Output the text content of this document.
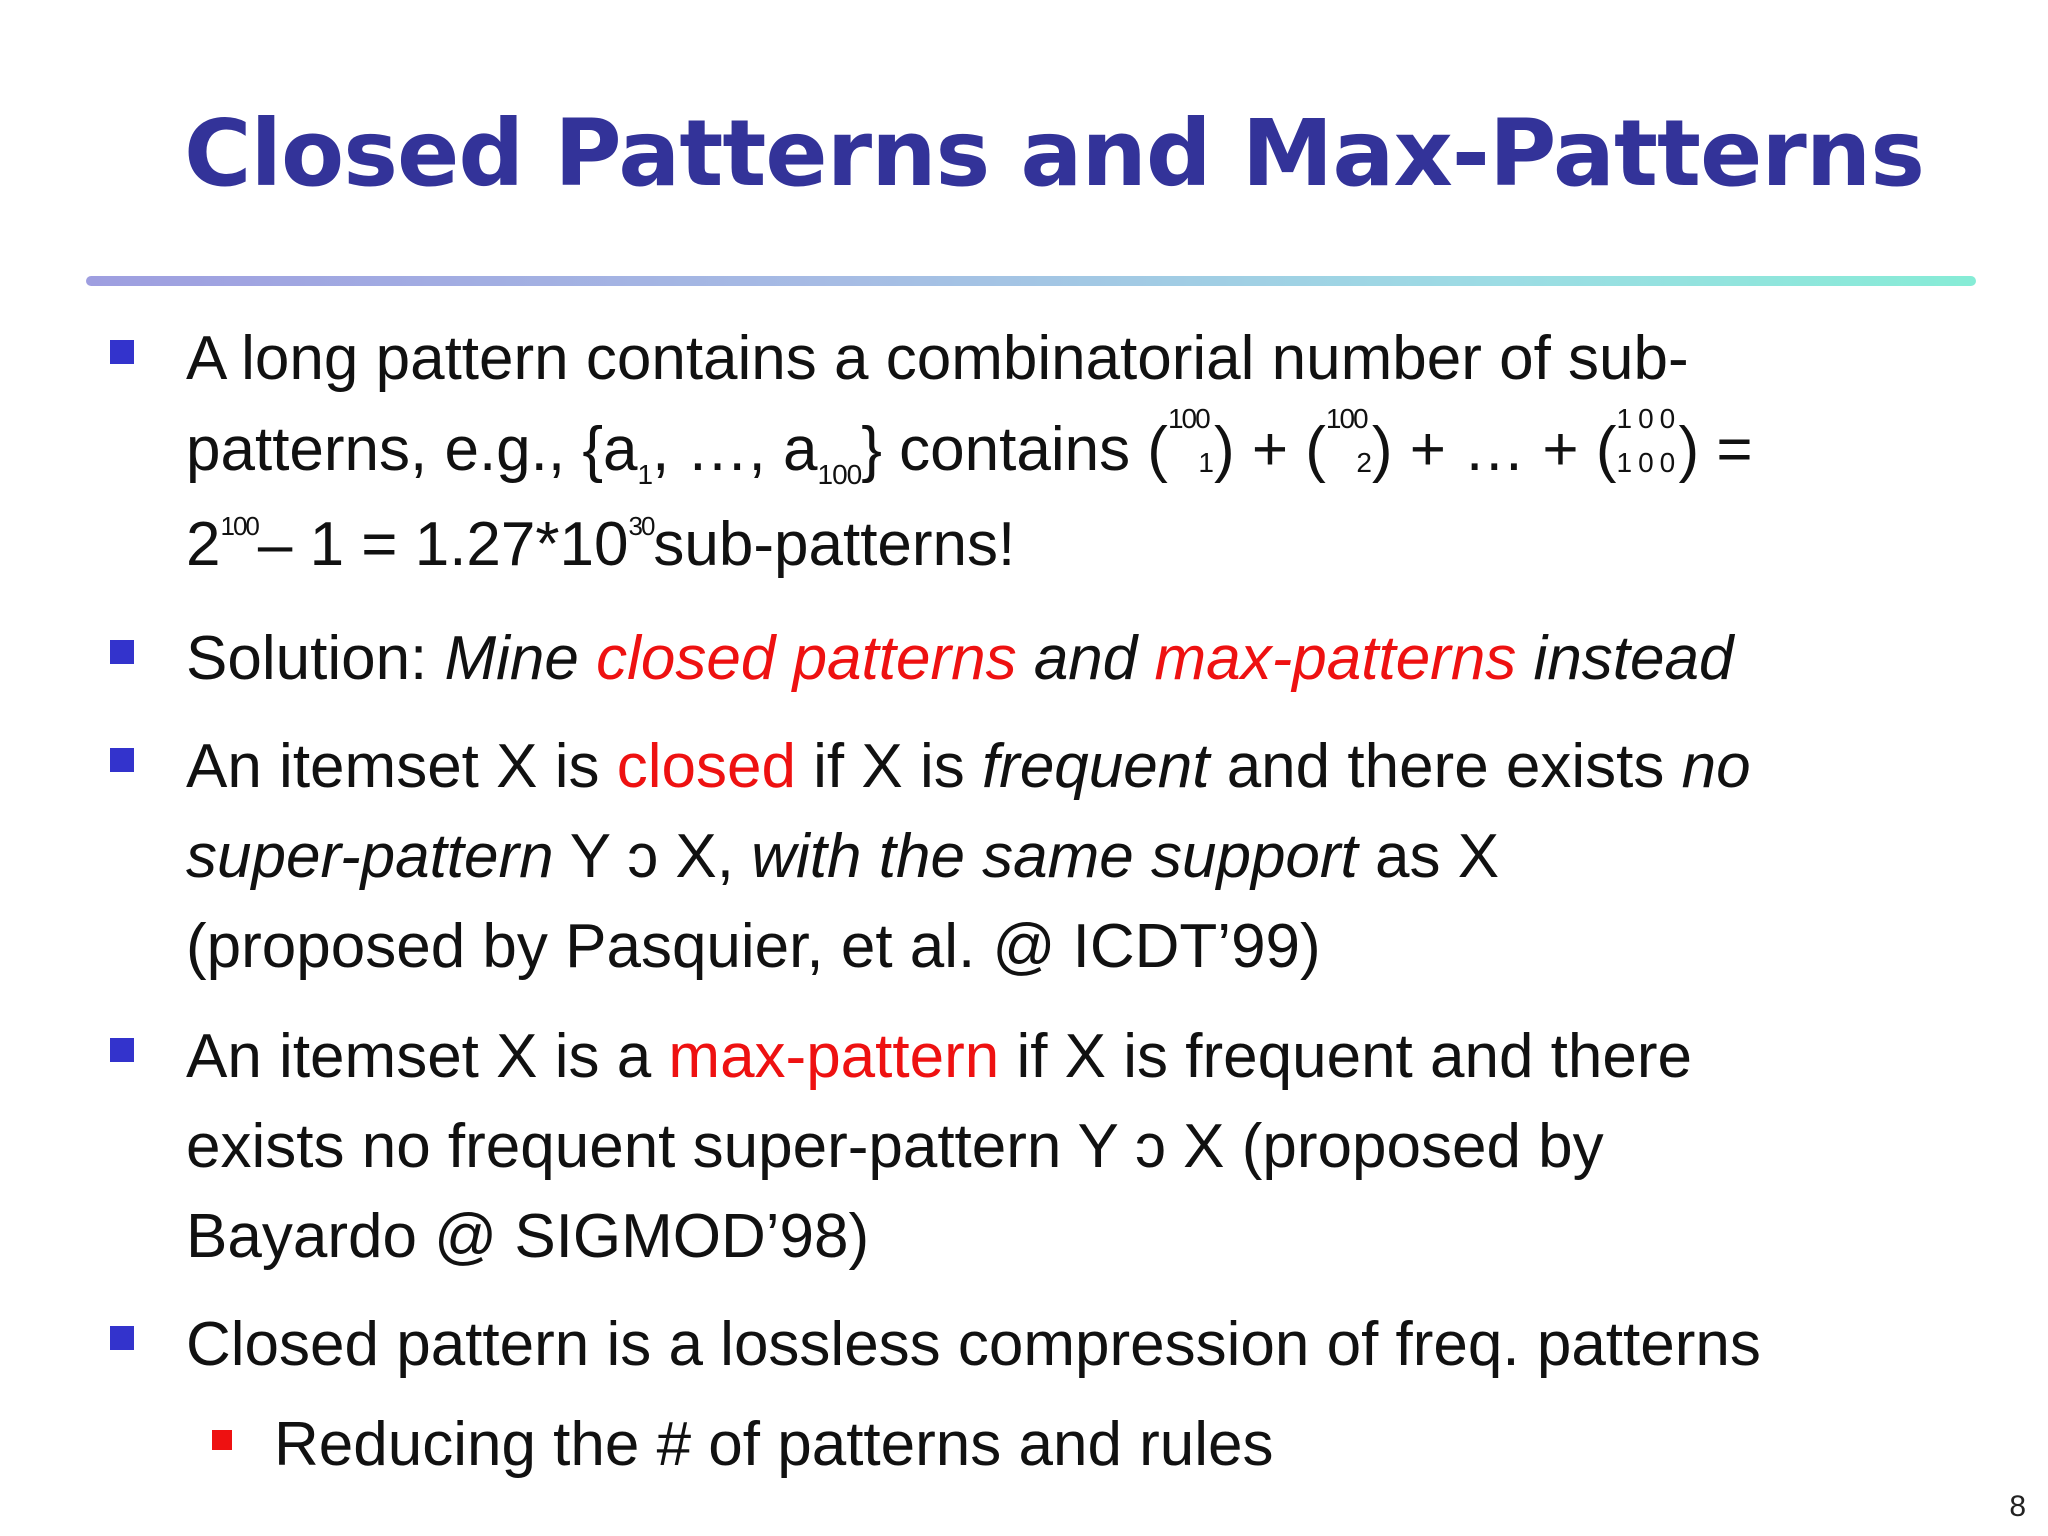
Closed Patterns and Max-Patterns
A long pattern contains a combinatorial number of sub-
patterns, e.g., {$a_1$, …, $a_{100}$} contains ( 100
1 ) + ( 100
2 ) + … + ( 100
100
) =
$2^{100}-$ $1 = 1.27*10^{30}sub$-patterns!
Solution: Mine closed patterns and max-patterns instead
An itemset X is closed if X is frequent and there exists no
super-pattern Y ɔ X, with the same support as X
(proposed by Pasquier, et al. @ ICDT’99)
An itemset X is a max-pattern if X is frequent and there
exists no frequent super-pattern Y ɔ X (proposed by
Bayardo @ SIGMOD’98)
Closed pattern is a lossless compression of freq. patterns
Reducing the # of patterns and rules
8
